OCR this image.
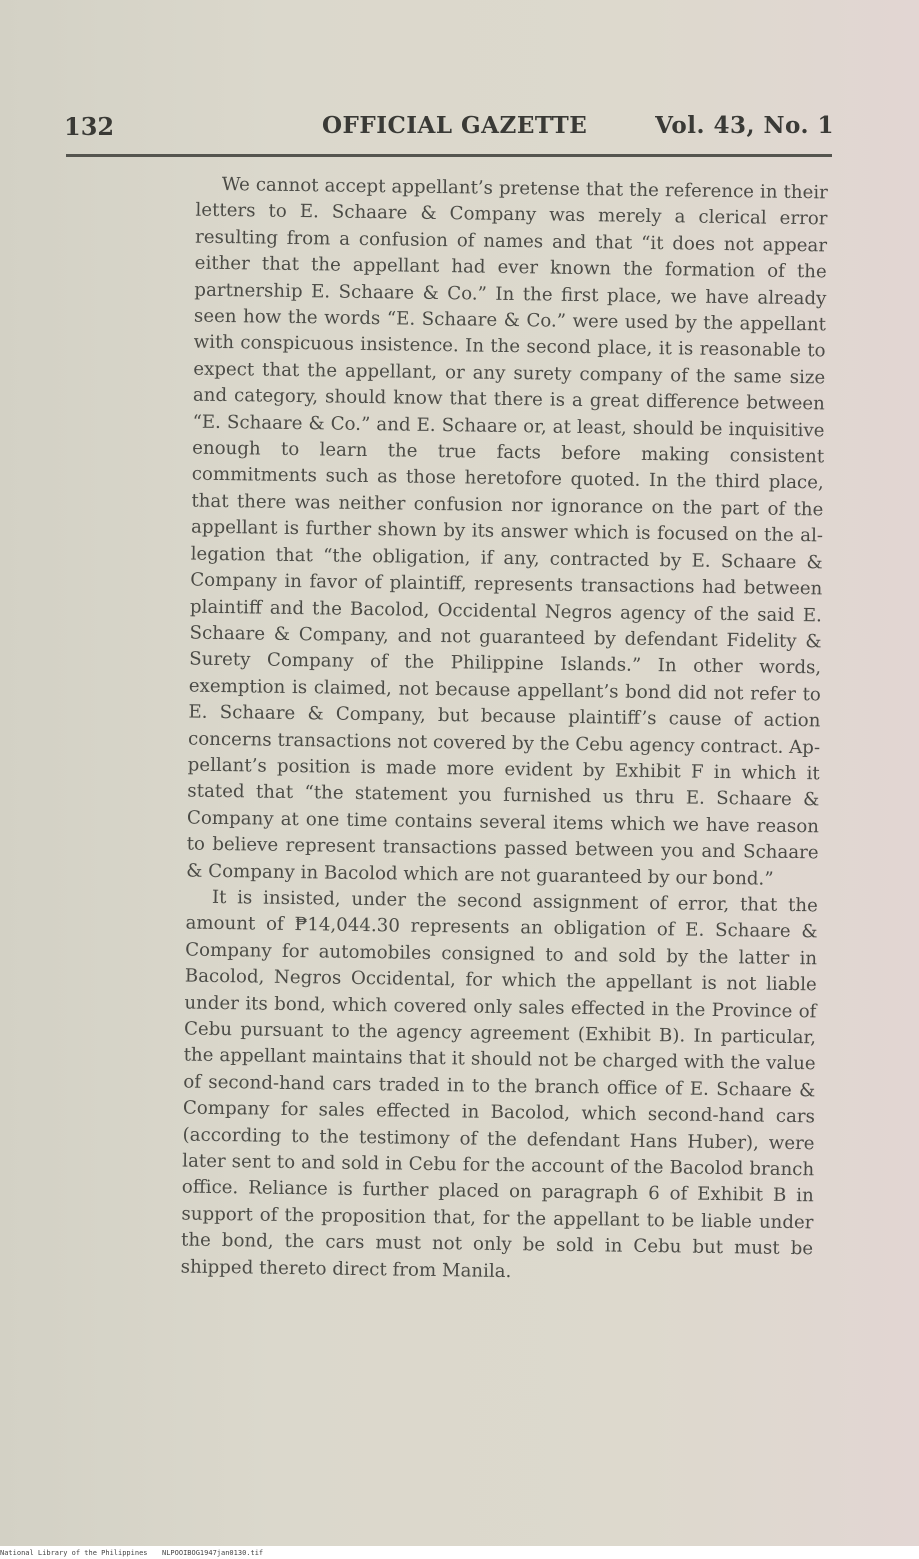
132	OFFICIAL GAZETTE	Vol. 43, No. 1

We cannot accept appellant’s pretense that the reference in their letters to E. Schaare & Company was merely a clerical error resulting from a confusion of names and that “it does not appear either that the appellant had ever known the formation of the partnership E. Schaare & Co.” In the first place, we have already seen how the words “E. Schaare & Co.” were used by the appellant with conspicuous insistence. In the second place, it is reasonable to expect that the appellant, or any surety company of the same size and category, should know that there is a great difference between “E. Schaare & Co.” and E. Schaare or, at least, should be inquisitive enough to learn the true facts before making consistent commitments such as those heretofore quoted. In the third place, that there was neither confusion nor ignorance on the part of the appellant is further shown by its answer which is focused on the allegation that “the obligation, if any, contracted by E. Schaare & Company in favor of plaintiff, represents transactions had between plaintiff and the Bacolod, Occidental Negros agency of the said E. Schaare & Company, and not guaranteed by defendant Fidelity & Surety Company of the Philippine Islands.” In other words, exemption is claimed, not because appellant’s bond did not refer to E. Schaare & Company, but because plaintiff’s cause of action concerns transactions not covered by the Cebu agency contract. Appellant’s position is made more evident by Exhibit F in which it stated that “the statement you furnished us thru E. Schaare & Company at one time contains several items which we have reason to believe represent transactions passed between you and Schaare & Company in Bacolod which are not guaranteed by our bond.”

It is insisted, under the second assignment of error, that the amount of ₱14,044.30 represents an obligation of E. Schaare & Company for automobiles consigned to and sold by the latter in Bacolod, Negros Occidental, for which the appellant is not liable under its bond, which covered only sales effected in the Province of Cebu pursuant to the agency agreement (Exhibit B). In particular, the appellant maintains that it should not be charged with the value of second-hand cars traded in to the branch office of E. Schaare & Company for sales effected in Bacolod, which second-hand cars (according to the testimony of the defendant Hans Huber), were later sent to and sold in Cebu for the account of the Bacolod branch office. Reliance is further placed on paragraph 6 of Exhibit B in support of the proposition that, for the appellant to be liable under the bond, the cars must not only be sold in Cebu but must be shipped thereto direct from Manila.

National Library of the Philippines NLPOOIBOG1947jan0130.tif
